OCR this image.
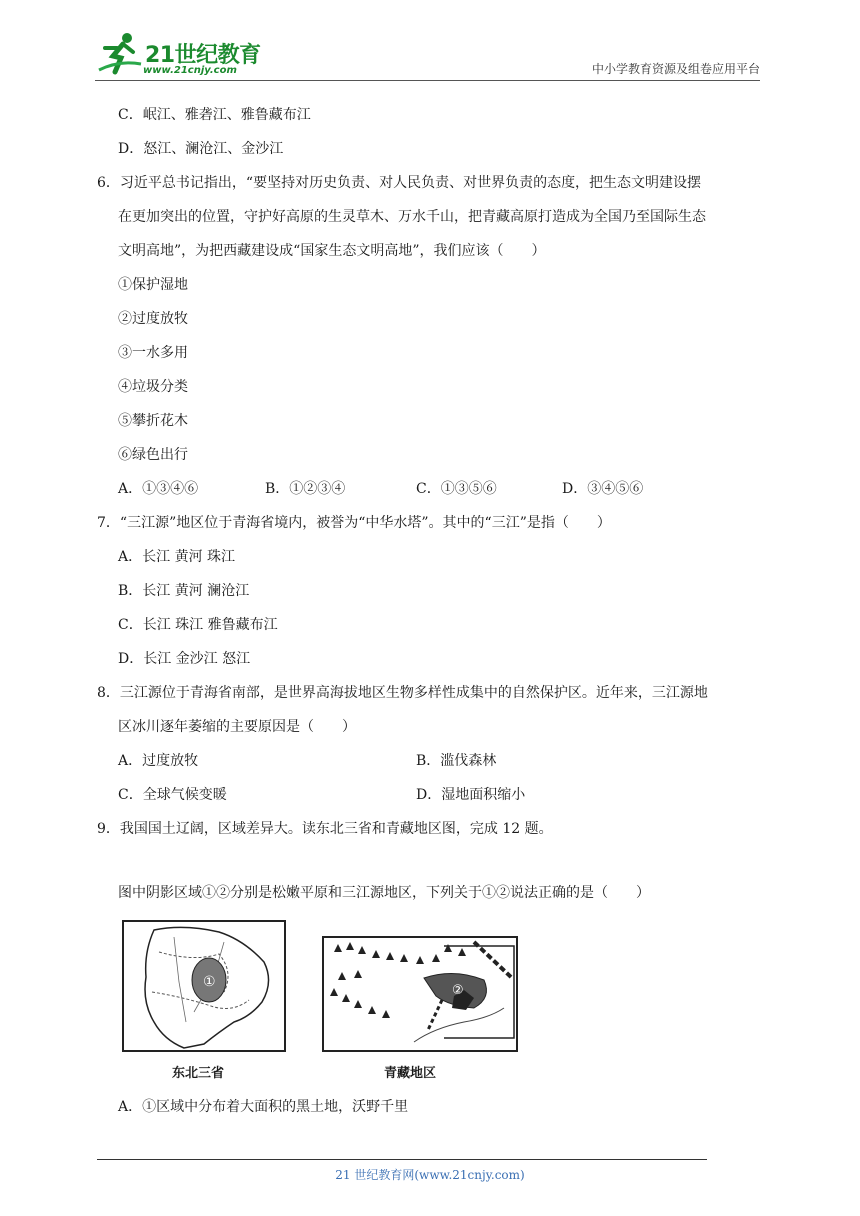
21世纪教育
www.21cnjy.com	中小学教育资源及组卷应用平台
C．岷江、雅砻江、雅鲁藏布江
D．怒江、澜沧江、金沙江
6．习近平总书记指出，“要坚持对历史负责、对人民负责、对世界负责的态度，把生态文明建设摆
在更加突出的位置，守护好高原的生灵草木、万水千山，把青藏高原打造成为全国乃至国际生态
文明高地”，为把西藏建设成“国家生态文明高地”，我们应该（　　）
①保护湿地
②过度放牧
③一水多用
④垃圾分类
⑤攀折花木
⑥绿色出行
A．①③④⑥	B．①②③④	C．①③⑤⑥	D．③④⑤⑥
7．“三江源”地区位于青海省境内，被誉为“中华水塔”。其中的“三江”是指（　　）
A．长江 黄河 珠江
B．长江 黄河 澜沧江
C．长江 珠江 雅鲁藏布江
D．长江 金沙江 怒江
8．三江源位于青海省南部，是世界高海拔地区生物多样性成集中的自然保护区。近年来，三江源地
区冰川逐年萎缩的主要原因是（　　）
A．过度放牧	B．滥伐森林
C．全球气候变暖	D．湿地面积缩小
9．我国国土辽阔，区域差异大。读东北三省和青藏地区图，完成 12 题。
图中阴影区域①②分别是松嫩平原和三江源地区，下列关于①②说法正确的是（　　）
①
东北三省
②
青藏地区
A．①区域中分布着大面积的黑土地，沃野千里
21 世纪教育网(www.21cnjy.com)
